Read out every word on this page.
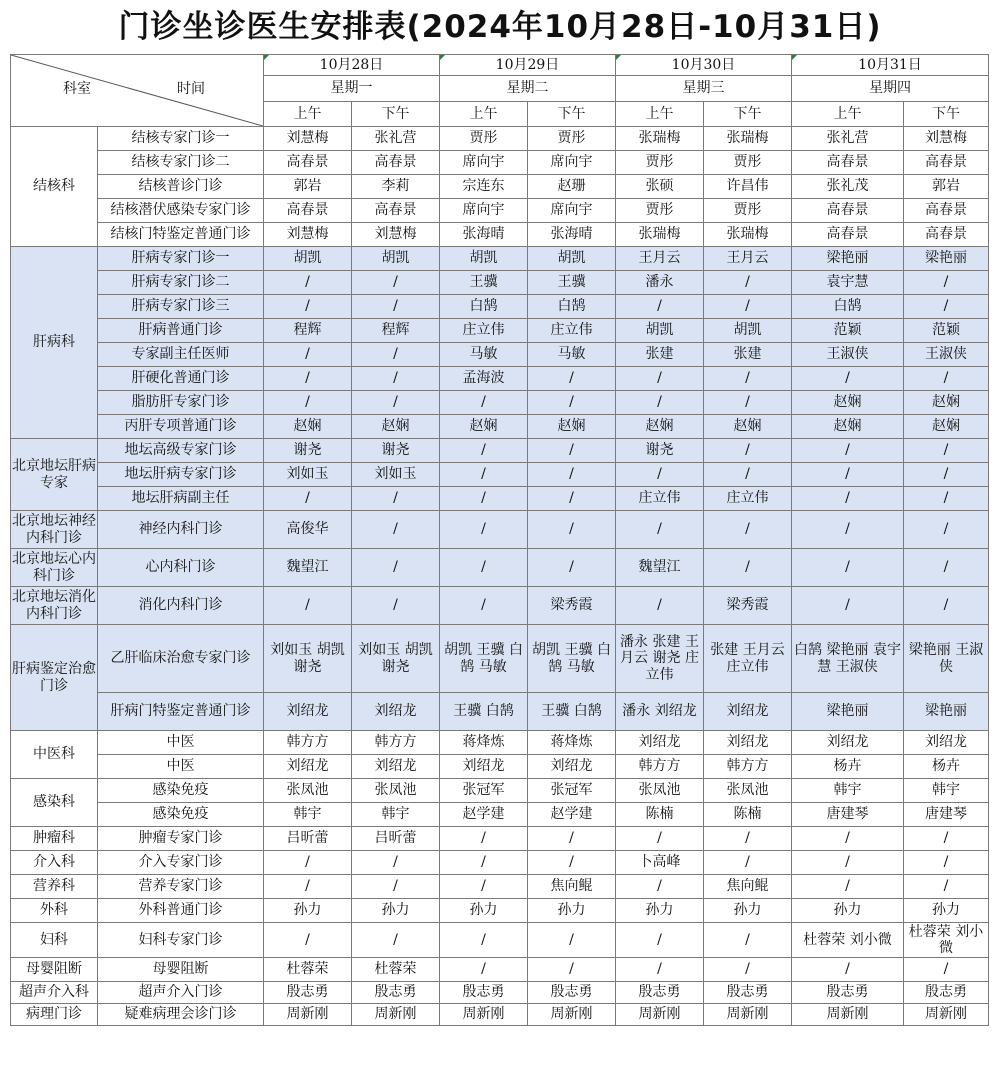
门诊坐诊医生安排表(2024年10月28日-10月31日)
科室 时间		10月28日		10月29日		10月30日		10月31日	
		星期一		星期二		星期三		星期四	
		上午	下午	上午	下午	上午	下午	上午	下午
结核科	结核专家门诊一	刘慧梅	张礼营	贾彤	贾彤	张瑞梅	张瑞梅	张礼营	刘慧梅
	结核专家门诊二	高春景	高春景	席向宇	席向宇	贾彤	贾彤	高春景	高春景
	结核普诊门诊	郭岩	李莉	宗连东	赵珊	张硕	许昌伟	张礼茂	郭岩
	结核潜伏感染专家门诊	高春景	高春景	席向宇	席向宇	贾彤	贾彤	高春景	高春景
	结核门特鉴定普通门诊	刘慧梅	刘慧梅	张海晴	张海晴	张瑞梅	张瑞梅	高春景	高春景
肝病科	肝病专家门诊一	胡凯	胡凯	胡凯	胡凯	王月云	王月云	梁艳丽	梁艳丽
	肝病专家门诊二	/	/	王骥	王骥	潘永	/	袁宇慧	/
	肝病专家门诊三	/	/	白鹄	白鹄	/	/	白鹄	/
	肝病普通门诊	程辉	程辉	庄立伟	庄立伟	胡凯	胡凯	范颖	范颖
	专家副主任医师	/	/	马敏	马敏	张建	张建	王淑侠	王淑侠
	肝硬化普通门诊	/	/	孟海波	/	/	/	/	/
	脂肪肝专家门诊	/	/	/	/	/	/	赵娴	赵娴
	丙肝专项普通门诊	赵娴	赵娴	赵娴	赵娴	赵娴	赵娴	赵娴	赵娴
北京地坛肝病专家	地坛高级专家门诊	谢尧	谢尧	/	/	谢尧	/	/	/
	地坛肝病专家门诊	刘如玉	刘如玉	/	/	/	/	/	/
	地坛肝病副主任	/	/	/	/	庄立伟	庄立伟	/	/
北京地坛神经内科门诊	神经内科门诊	高俊华	/	/	/	/	/	/	/
北京地坛心内科门诊	心内科门诊	魏望江	/	/	/	魏望江	/	/	/
北京地坛消化内科门诊	消化内科门诊	/	/	/	梁秀霞	/	梁秀霞	/	/
肝病鉴定治愈门诊	乙肝临床治愈专家门诊	刘如玉 胡凯谢尧	刘如玉 胡凯 谢尧	胡凯 王骥 白鹄 马敏	胡凯 王骥 白鹄 马敏	潘永 张建 王月云 谢尧 庄立伟	张建 王月云 庄立伟	白鹄 梁艳丽 袁宇慧 王淑侠	梁艳丽 王淑侠
	肝病门特鉴定普通门诊	刘绍龙	刘绍龙	王骥 白鹄	王骥 白鹄	潘永 刘绍龙	刘绍龙	梁艳丽	梁艳丽
中医科	中医	韩方方	韩方方	蒋烽炼	蒋烽炼	刘绍龙	刘绍龙	刘绍龙	刘绍龙
	中医	刘绍龙	刘绍龙	刘绍龙	刘绍龙	韩方方	韩方方	杨卉	杨卉
感染科	感染免疫	张凤池	张凤池	张冠军	张冠军	张凤池	张凤池	韩宇	韩宇
	感染免疫	韩宇	韩宇	赵学建	赵学建	陈楠	陈楠	唐建琴	唐建琴
肿瘤科	肿瘤专家门诊	吕昕蕾	吕昕蕾	/	/	/	/	/	/
介入科	介入专家门诊	/	/	/	/	卜高峰	/	/	/
营养科	营养专家门诊	/	/	/	焦向鲲	/	焦向鲲	/	/
外科	外科普通门诊	孙力	孙力	孙力	孙力	孙力	孙力	孙力	孙力
妇科	妇科专家门诊	/	/	/	/	/	/	杜蓉荣 刘小微	杜蓉荣 刘小微
母婴阻断	母婴阻断	杜蓉荣	杜蓉荣	/	/	/	/	/	/
超声介入科	超声介入门诊	殷志勇	殷志勇	殷志勇	殷志勇	殷志勇	殷志勇	殷志勇	殷志勇
病理门诊	疑难病理会诊门诊	周新刚	周新刚	周新刚	周新刚	周新刚	周新刚	周新刚	周新刚
